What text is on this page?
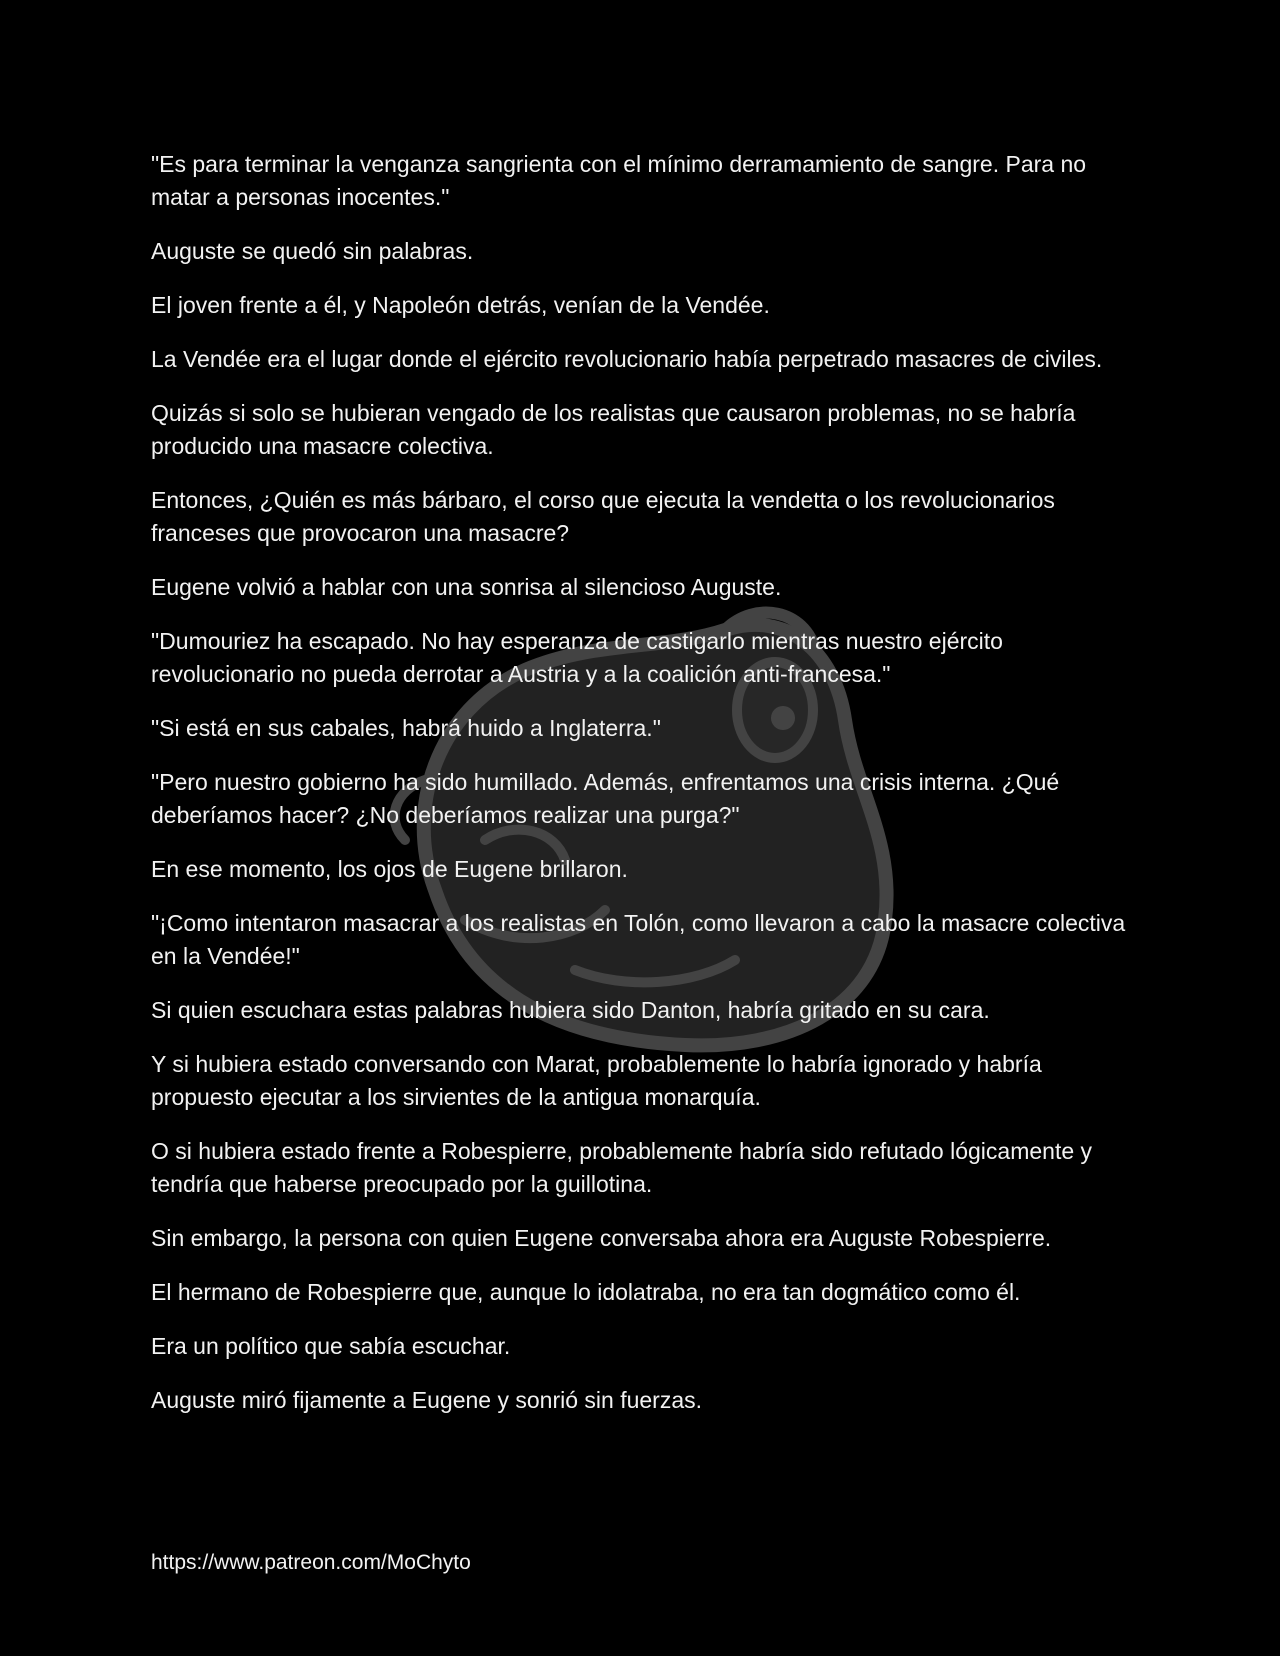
"Es para terminar la venganza sangrienta con el mínimo derramamiento de sangre. Para no matar a personas inocentes."

Auguste se quedó sin palabras.

El joven frente a él, y Napoleón detrás, venían de la Vendée.

La Vendée era el lugar donde el ejército revolucionario había perpetrado masacres de civiles.

Quizás si solo se hubieran vengado de los realistas que causaron problemas, no se habría producido una masacre colectiva.

Entonces, ¿Quién es más bárbaro, el corso que ejecuta la vendetta o los revolucionarios franceses que provocaron una masacre?

Eugene volvió a hablar con una sonrisa al silencioso Auguste.

"Dumouriez ha escapado. No hay esperanza de castigarlo mientras nuestro ejército revolucionario no pueda derrotar a Austria y a la coalición anti-francesa."

"Si está en sus cabales, habrá huido a Inglaterra."

"Pero nuestro gobierno ha sido humillado. Además, enfrentamos una crisis interna. ¿Qué deberíamos hacer? ¿No deberíamos realizar una purga?"

En ese momento, los ojos de Eugene brillaron.

"¡Como intentaron masacrar a los realistas en Tolón, como llevaron a cabo la masacre colectiva en la Vendée!"

Si quien escuchara estas palabras hubiera sido Danton, habría gritado en su cara.

Y si hubiera estado conversando con Marat, probablemente lo habría ignorado y habría propuesto ejecutar a los sirvientes de la antigua monarquía.

O si hubiera estado frente a Robespierre, probablemente habría sido refutado lógicamente y tendría que haberse preocupado por la guillotina.

Sin embargo, la persona con quien Eugene conversaba ahora era Auguste Robespierre.

El hermano de Robespierre que, aunque lo idolatraba, no era tan dogmático como él.

Era un político que sabía escuchar.

Auguste miró fijamente a Eugene y sonrió sin fuerzas.

https://www.patreon.com/MoChyto
